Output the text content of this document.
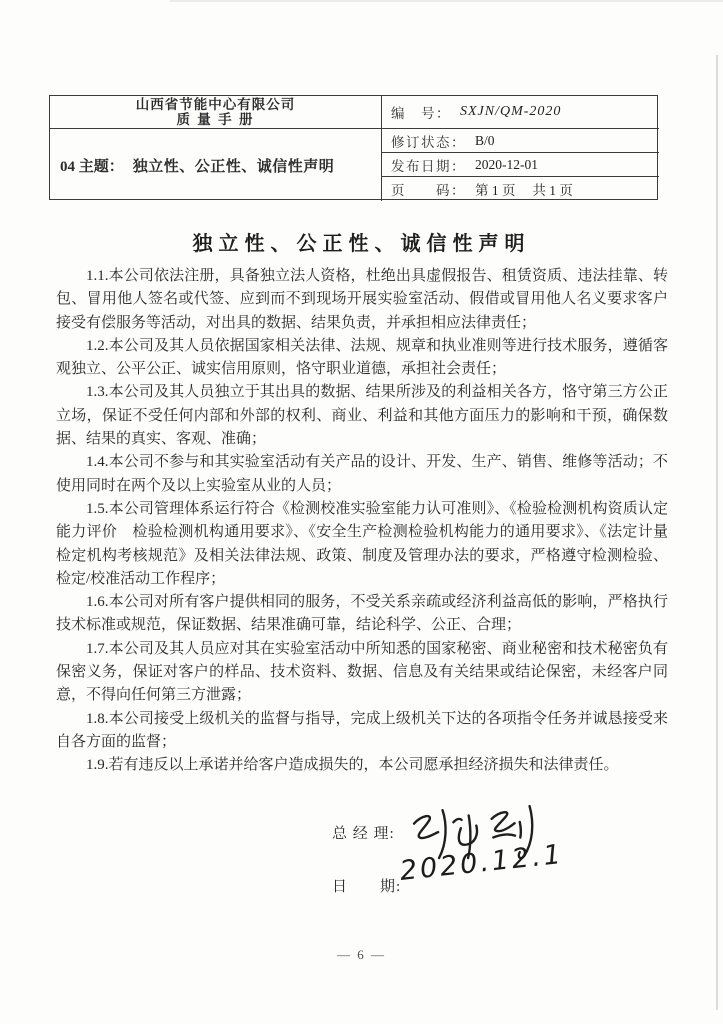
山西省节能中心有限公司
质 量 手 册
04 主题： 独立性、公正性、诚信性声明
编　号： SXJN/QM-2020
修订状态： B/0
发布日期： 2020-12-01
页　　码： 第 1 页　 共 1 页
独立性、公正性、诚信性声明

1.1.本公司依法注册，具备独立法人资格，杜绝出具虚假报告、租赁资质、违法挂靠、转包、冒用他人签名或代签、应到而不到现场开展实验室活动、假借或冒用他人名义要求客户接受有偿服务等活动，对出具的数据、结果负责，并承担相应法律责任；

1.2.本公司及其人员依据国家相关法律、法规、规章和执业准则等进行技术服务，遵循客观独立、公平公正、诚实信用原则，恪守职业道德，承担社会责任；

1.3.本公司及其人员独立于其出具的数据、结果所涉及的利益相关各方，恪守第三方公正立场，保证不受任何内部和外部的权利、商业、利益和其他方面压力的影响和干预，确保数据、结果的真实、客观、准确；

1.4.本公司不参与和其实验室活动有关产品的设计、开发、生产、销售、维修等活动；不使用同时在两个及以上实验室从业的人员；

1.5.本公司管理体系运行符合《检测校准实验室能力认可准则》、《检验检测机构资质认定能力评价　检验检测机构通用要求》、《安全生产检测检验机构能力的通用要求》、《法定计量检定机构考核规范》及相关法律法规、政策、制度及管理办法的要求，严格遵守检测检验、检定/校准活动工作程序；

1.6.本公司对所有客户提供相同的服务，不受关系亲疏或经济利益高低的影响，严格执行技术标准或规范，保证数据、结果准确可靠，结论科学、公正、合理；

1.7.本公司及其人员应对其在实验室活动中所知悉的国家秘密、商业秘密和技术秘密负有保密义务，保证对客户的样品、技术资料、数据、信息及有关结果或结论保密，未经客户同意，不得向任何第三方泄露；

1.8.本公司接受上级机关的监督与指导，完成上级机关下达的各项指令任务并诚恳接受来自各方面的监督；

1.9.若有违反以上承诺并给客户造成损失的，本公司愿承担经济损失和法律责任。

总 经 理:
日　　期:
2020.12.1
— 6 —
